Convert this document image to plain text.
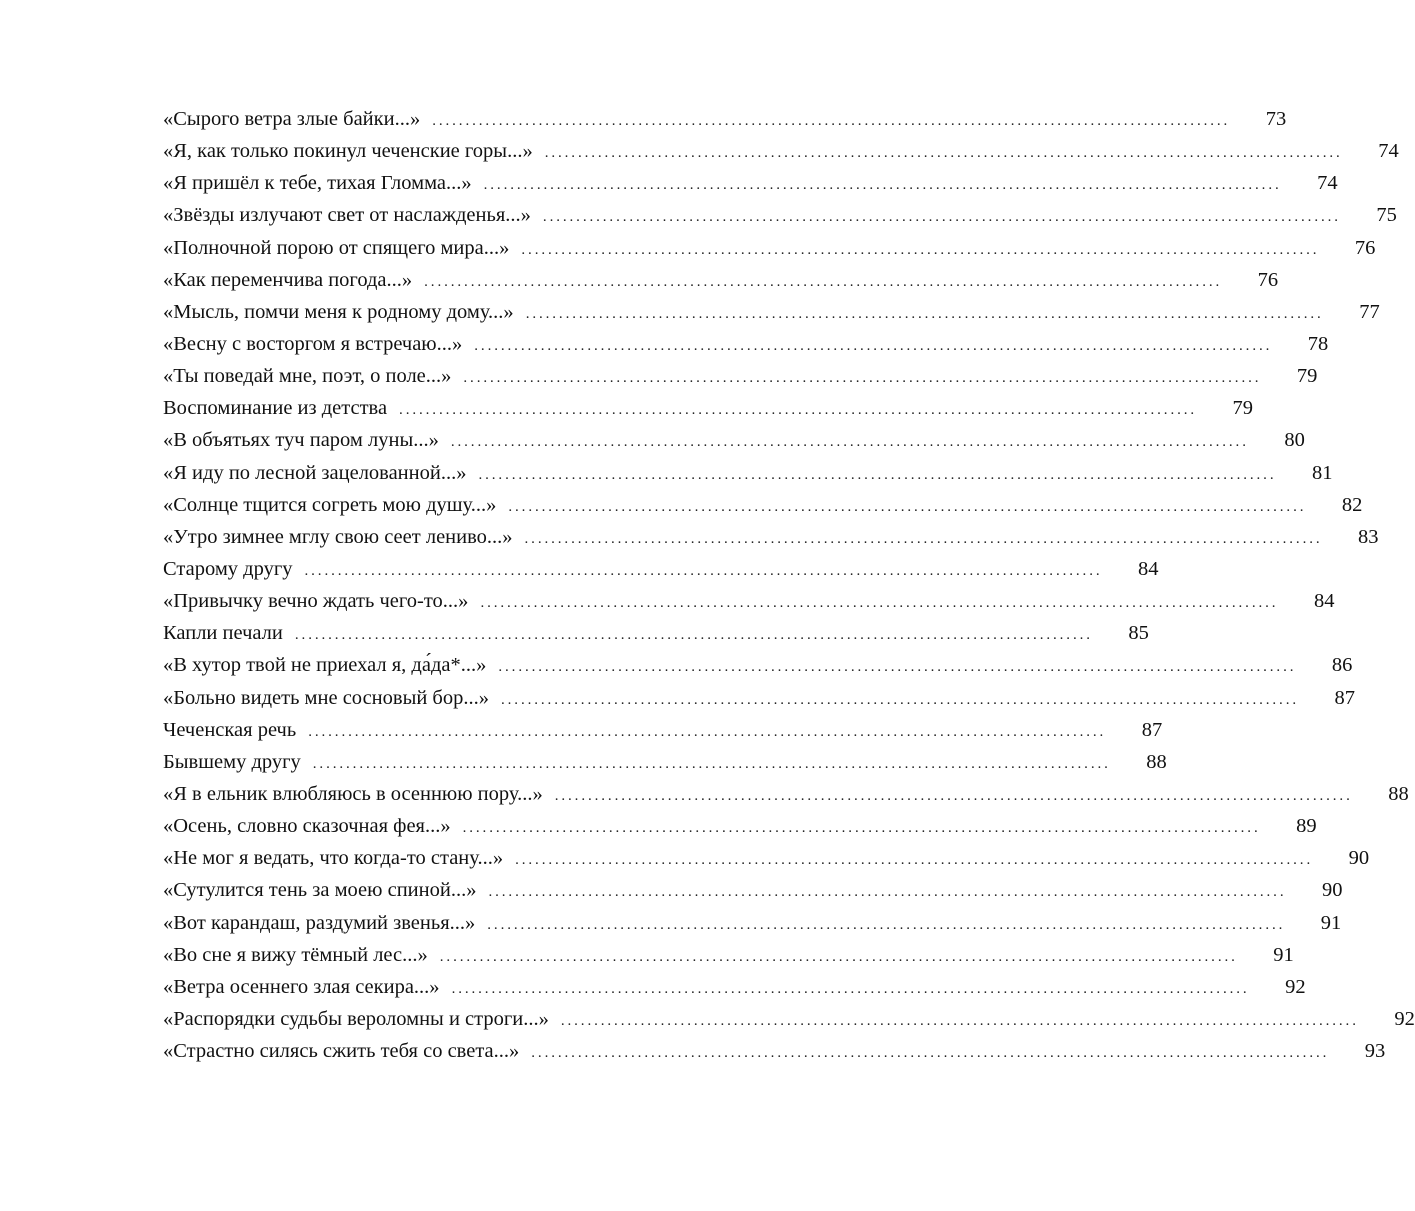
«Сырого ветра злые байки...» ........................................................................................................................ 73
«Я, как только покинул чеченские горы...» ........................................................................................................................ 74
«Я пришёл к тебе, тихая Гломма...» ........................................................................................................................ 74
«Звёзды излучают свет от наслажденья...» ........................................................................................................................ 75
«Полночной порою от спящего мира...» ........................................................................................................................ 76
«Как переменчива погода...» ........................................................................................................................ 76
«Мысль, помчи меня к родному дому...» ........................................................................................................................ 77
«Весну с восторгом я встречаю...» ........................................................................................................................ 78
«Ты поведай мне, поэт, о поле...» ........................................................................................................................ 79
Воспоминание из детства ........................................................................................................................ 79
«В объятьях туч паром луны...» ........................................................................................................................ 80
«Я иду по лесной зацелованной...» ........................................................................................................................ 81
«Солнце тщится согреть мою душу...» ........................................................................................................................ 82
«Утро зимнее мглу свою сеет лениво...» ........................................................................................................................ 83
Старому другу ........................................................................................................................ 84
«Привычку вечно ждать чего-то...» ........................................................................................................................ 84
Капли печали ........................................................................................................................ 85
«В хутор твой не приехал я, да́да*...» ........................................................................................................................ 86
«Больно видеть мне сосновый бор...» ........................................................................................................................ 87
Чеченская речь ........................................................................................................................ 87
Бывшему другу ........................................................................................................................ 88
«Я в ельник влюбляюсь в осеннюю пору...» ........................................................................................................................ 88
«Осень, словно сказочная фея...» ........................................................................................................................ 89
«Не мог я ведать, что когда-то стану...» ........................................................................................................................ 90
«Сутулится тень за моею спиной...» ........................................................................................................................ 90
«Вот карандаш, раздумий звенья...» ........................................................................................................................ 91
«Во сне я вижу тёмный лес...» ........................................................................................................................ 91
«Ветра осеннего злая секира...» ........................................................................................................................ 92
«Распорядки судьбы вероломны и строги...» ........................................................................................................................ 92
«Страстно силясь сжить тебя со света...» ........................................................................................................................ 93
